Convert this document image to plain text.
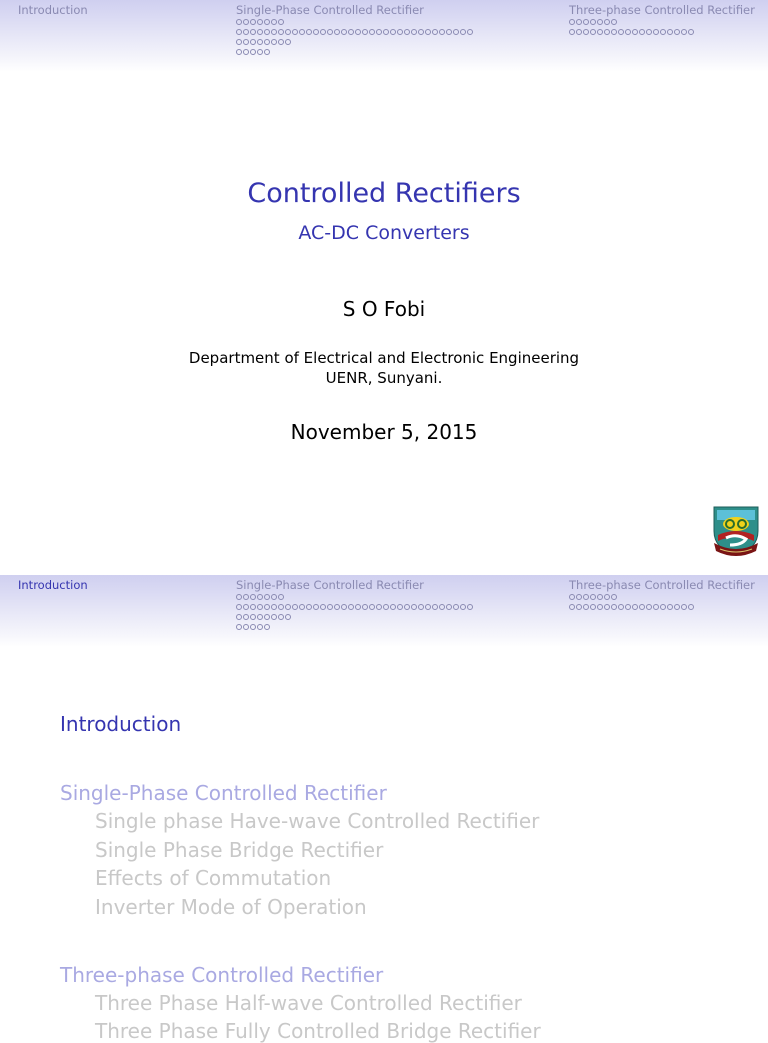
Introduction	Single-Phase Controlled Rectifier	Three-phase Controlled Rectifier
Controlled Rectifiers
AC-DC Converters
S O Fobi
Department of Electrical and Electronic Engineering
UENR, Sunyani.
November 5, 2015
Introduction	Single-Phase Controlled Rectifier	Three-phase Controlled Rectifier
Introduction
Single-Phase Controlled Rectifier
Single phase Have-wave Controlled Rectifier
Single Phase Bridge Rectifier
Effects of Commutation
Inverter Mode of Operation
Three-phase Controlled Rectifier
Three Phase Half-wave Controlled Rectifier
Three Phase Fully Controlled Bridge Rectifier
